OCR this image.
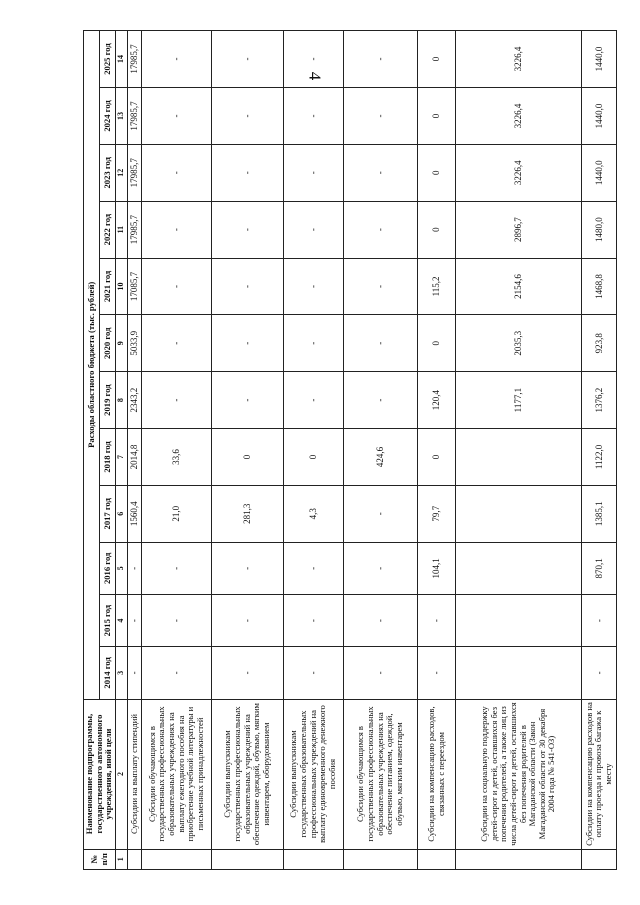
4
№ п/п	Наименование подпрограммы, государственного автономного учреждения, иной цели	Расходы областного бюджета (тыс. рублей)											
		2014 год	2015 год	2016 год	2017 год	2018 год	2019 год	2020 год	2021 год	2022 год	2023 год	2024 год	2025 год
1	2	3	4	5	6	7	8	9	10	11	12	13	14
	Субсидии на выплату стипендий	-	-	-	1560,4	2014,8	2343,2	5033,9	17085,7	17985,7	17985,7	17985,7	17985,7
	Субсидии обучающимся в государственных профессиональных образовательных учреждениях на выплату ежегодного пособия на приобретение учебной литературы и письменных принадлежностей	-	-	-	21,0	33,6	-	-	-	-	-	-	-
	Субсидии выпускникам государственных профессиональных образовательных учреждений на обеспечение одеждой, обувью, мягким инвентарем, оборудованием	-	-	-	281,3	0	-	-	-	-	-	-	-
	Субсидии выпускникам государственных образовательных профессиональных учреждений на выплату единовременного денежного пособия	-	-	-	4,3	0	-	-	-	-	-	-	-
	Субсидии обучающимся в государственных профессиональных образовательных учреждениях на обеспечение питанием, одеждой, обувью, мягким инвентарем	-	-	-	-	424,6	-	-	-	-	-	-	-
	Субсидии на компенсацию расходов, связанных с переездом	-	-	104,1	79,7	0	120,4	0	115,2	0	0	0	0
	Субсидии на социальную поддержку детей-сирот и детей, оставшихся без попечения родителей, а также лиц из числа детей-сирот и детей, оставшихся без попечения родителей в Магаданской области (Закон Магаданской области от 30 декабря 2004 года № 541-ОЗ)						1177,1	2035,3	2154,6	2896,7	3226,4	3226,4	3226,4
	Субсидии на компенсацию расходов на оплату проезда и провоза багажа к месту	-	-	870,1	1385,1	1122,0	1376,2	923,8	1468,8	1480,0	1440,0	1440,0	1440,0
